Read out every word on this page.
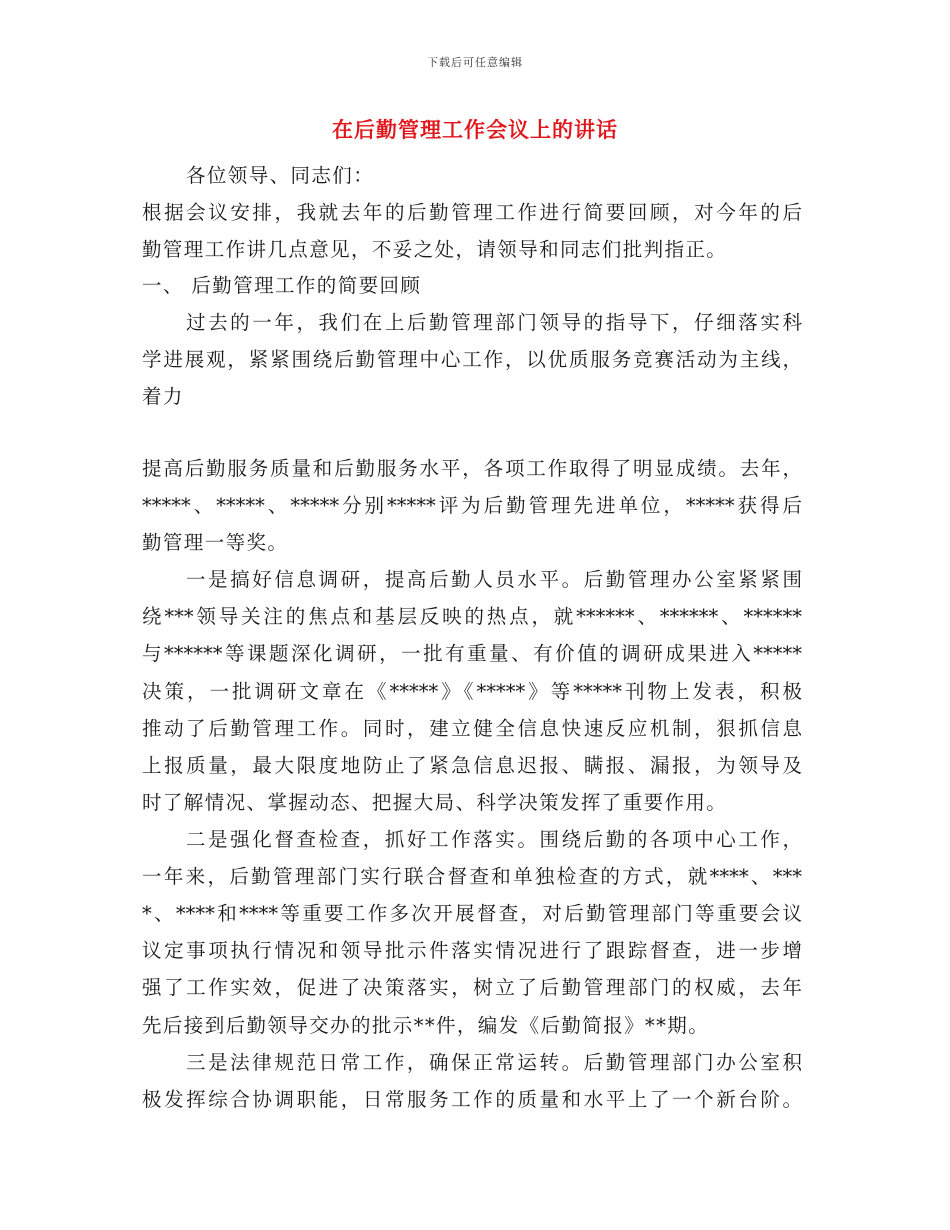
下载后可任意编辑
在后勤管理工作会议上的讲话
各位领导、同志们：
根据会议安排，我就去年的后勤管理工作进行简要回顾，对今年的后
勤管理工作讲几点意见，不妥之处，请领导和同志们批判指正。
一、 后勤管理工作的简要回顾
过去的一年，我们在上后勤管理部门领导的指导下，仔细落实科
学进展观，紧紧围绕后勤管理中心工作，以优质服务竞赛活动为主线，
着力
提高后勤服务质量和后勤服务水平，各项工作取得了明显成绩。去年，
*****、*****、*****分别*****评为后勤管理先进单位，*****获得后
勤管理一等奖。
一是搞好信息调研，提高后勤人员水平。后勤管理办公室紧紧围
绕***领导关注的焦点和基层反映的热点，就******、******、******
与******等课题深化调研，一批有重量、有价值的调研成果进入*****
决策，一批调研文章在《*****》《*****》等*****刊物上发表，积极
推动了后勤管理工作。同时，建立健全信息快速反应机制，狠抓信息
上报质量，最大限度地防止了紧急信息迟报、瞒报、漏报，为领导及
时了解情况、掌握动态、把握大局、科学决策发挥了重要作用。
二是强化督查检查，抓好工作落实。围绕后勤的各项中心工作，
一年来，后勤管理部门实行联合督查和单独检查的方式，就****、***
*、****和****等重要工作多次开展督查，对后勤管理部门等重要会议
议定事项执行情况和领导批示件落实情况进行了跟踪督查，进一步增
强了工作实效，促进了决策落实，树立了后勤管理部门的权威，去年
先后接到后勤领导交办的批示**件，编发《后勤简报》**期。
三是法律规范日常工作，确保正常运转。后勤管理部门办公室积
极发挥综合协调职能，日常服务工作的质量和水平上了一个新台阶。
